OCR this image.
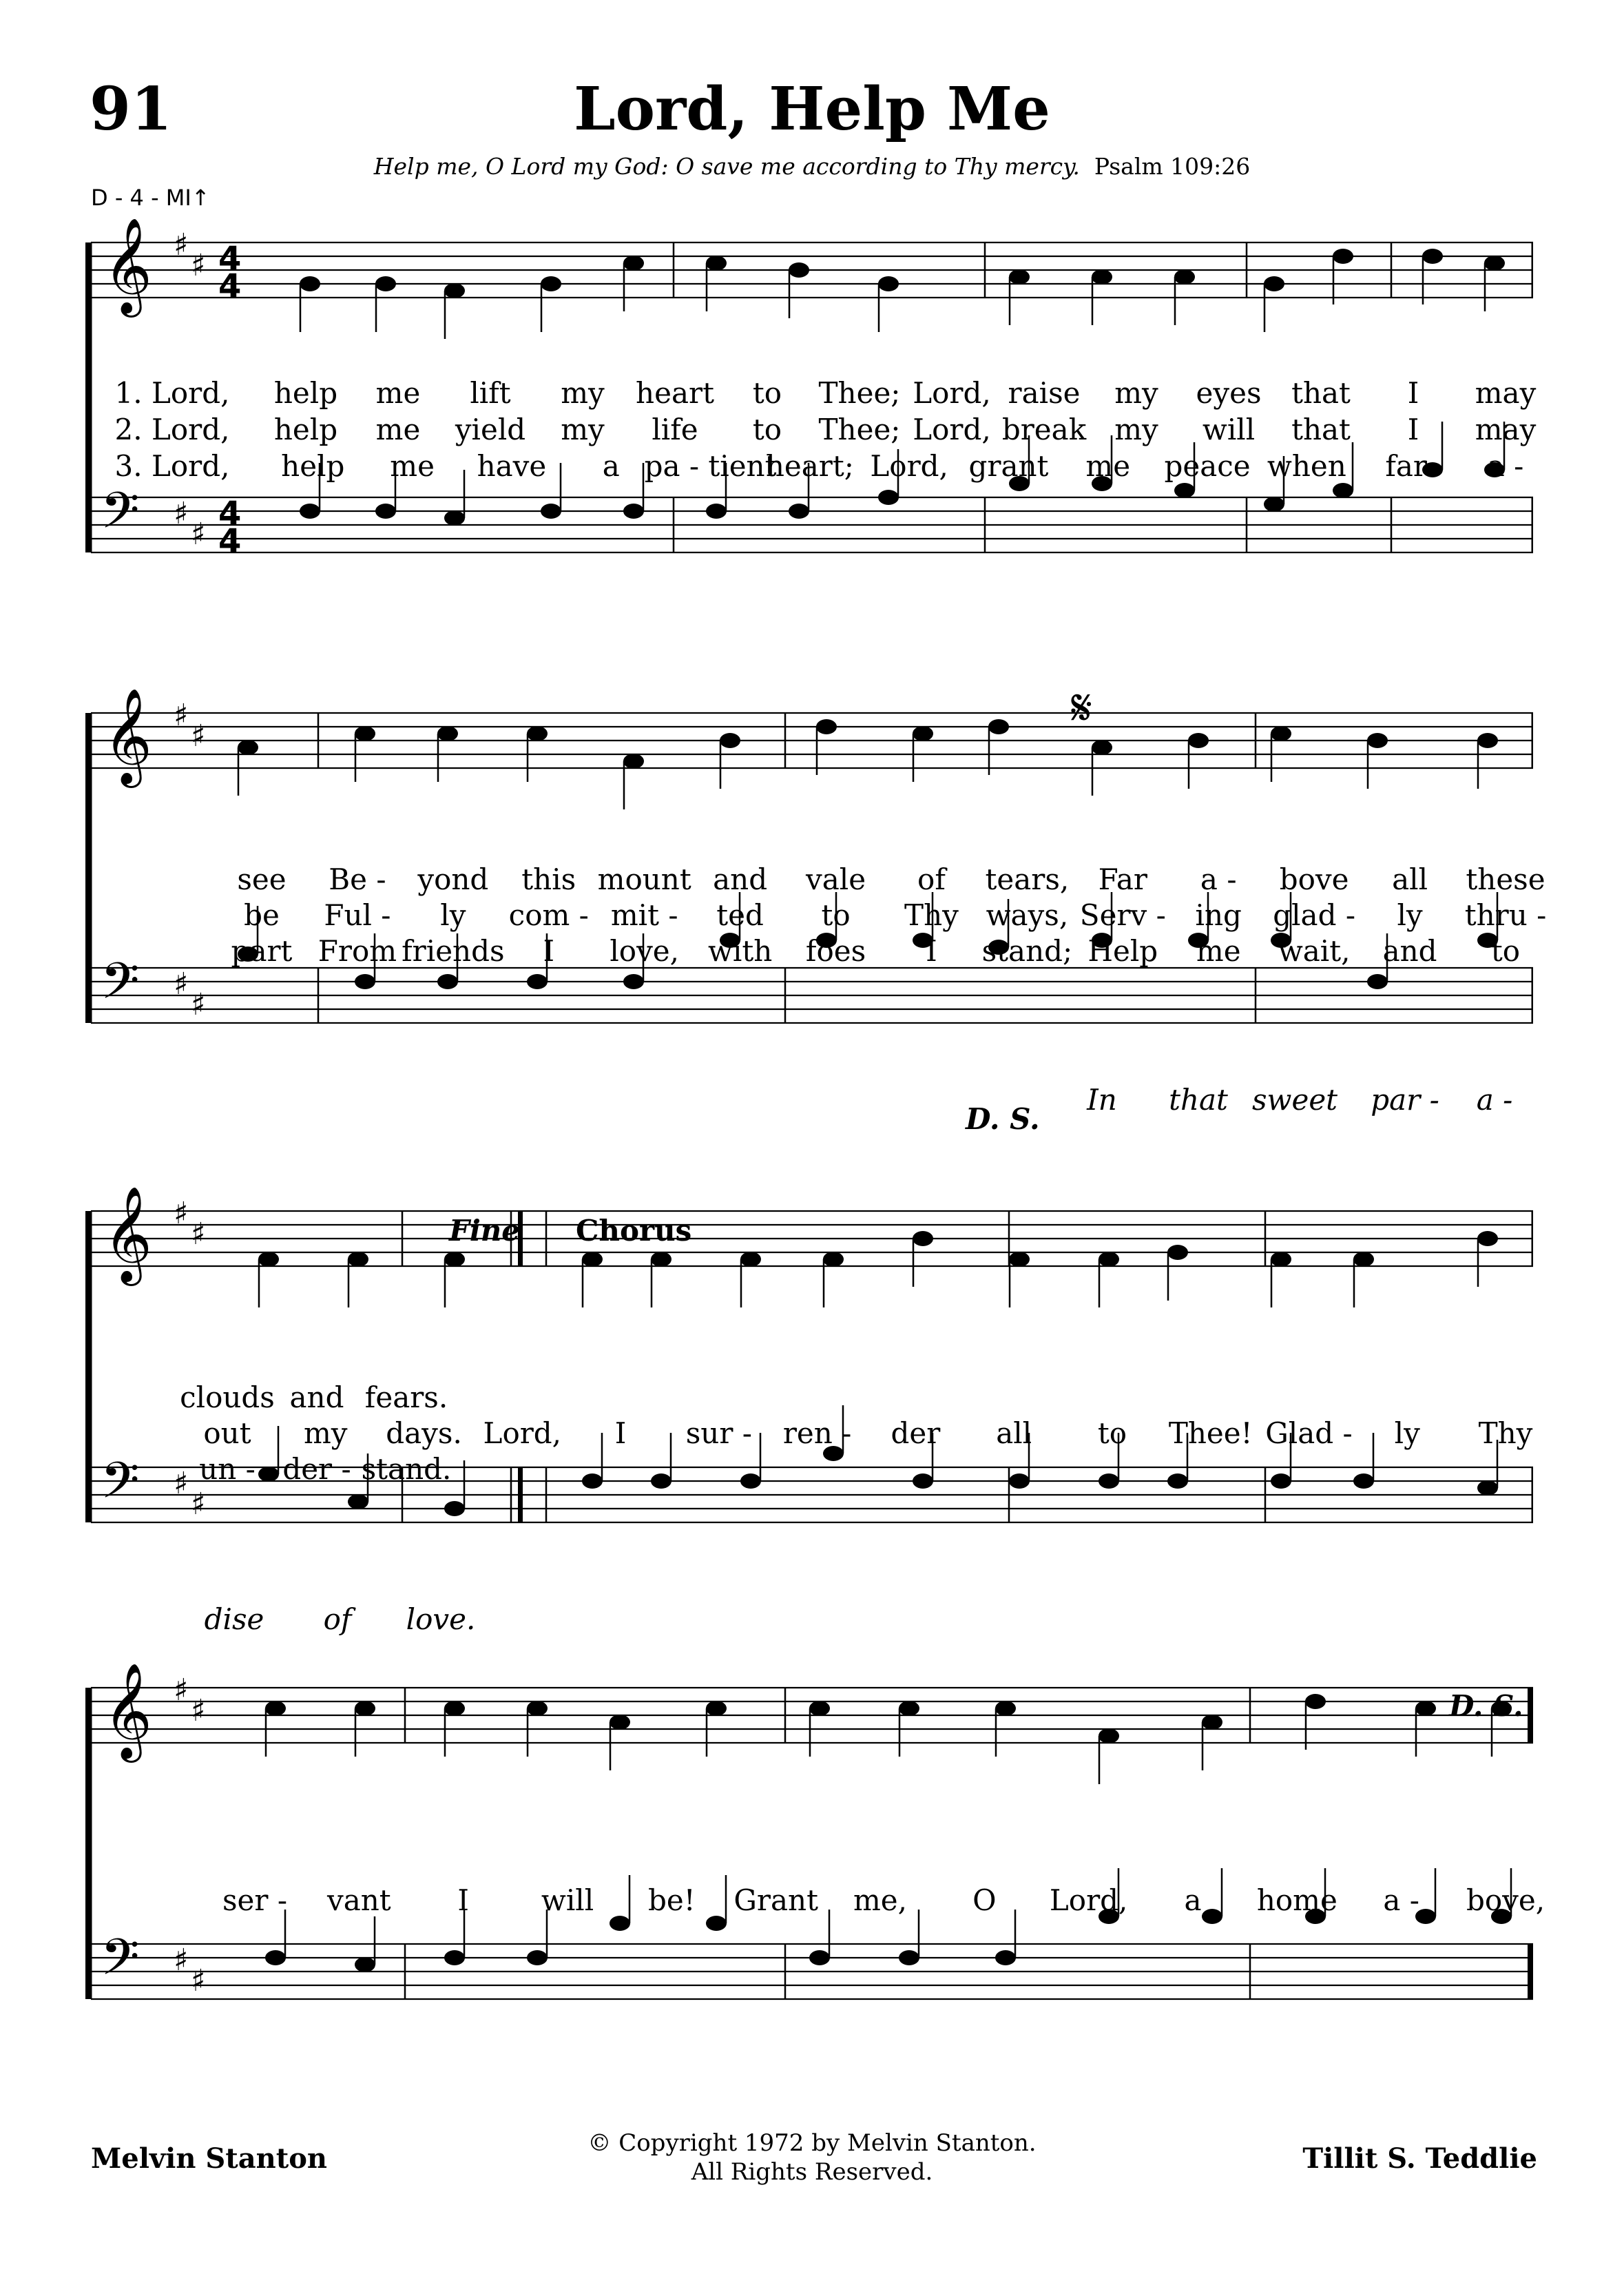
91	Lord, Help Me
Help me, O Lord my God: O save me according to Thy mercy. Psalm 109:26
D - 4 - MI↑
𝄞
𝄢
♯
♯
♯
♯
4
4
4
4
𝄞
𝄢
♯
♯
♯
♯
𝄞
𝄢
♯
♯
♯
♯
𝄞
𝄢
♯
♯
♯
♯
𝄋
1. Lord, help me lift my heart to Thee; Lord, raise my eyes that I may
2. Lord, help me yield my life to Thee; Lord, break my will that I may
3. Lord, help me have a pa - tient
heart; Lord, grant me peace when far a -
see Be - yond this mount and vale of tears, Far a - bove all these
be Ful - ly com - mit - ted to Thy ways, Serv - ing glad - ly thru -
part From friends I love, with foes I stand; Help me wait, and to
In that sweet par - a -
clouds and fears.
out my days. Lord, I sur - ren - der all to Thee! Glad - ly Thy
un - der - stand.
dise of love.
ser - vant I will be! Grant me, O Lord, a home a - bove,
Fine Chorus
D. S.
D. S.
Melvin Stanton	© Copyright 1972 by Melvin Stanton.
All Rights Reserved.	Tillit S. Teddlie
